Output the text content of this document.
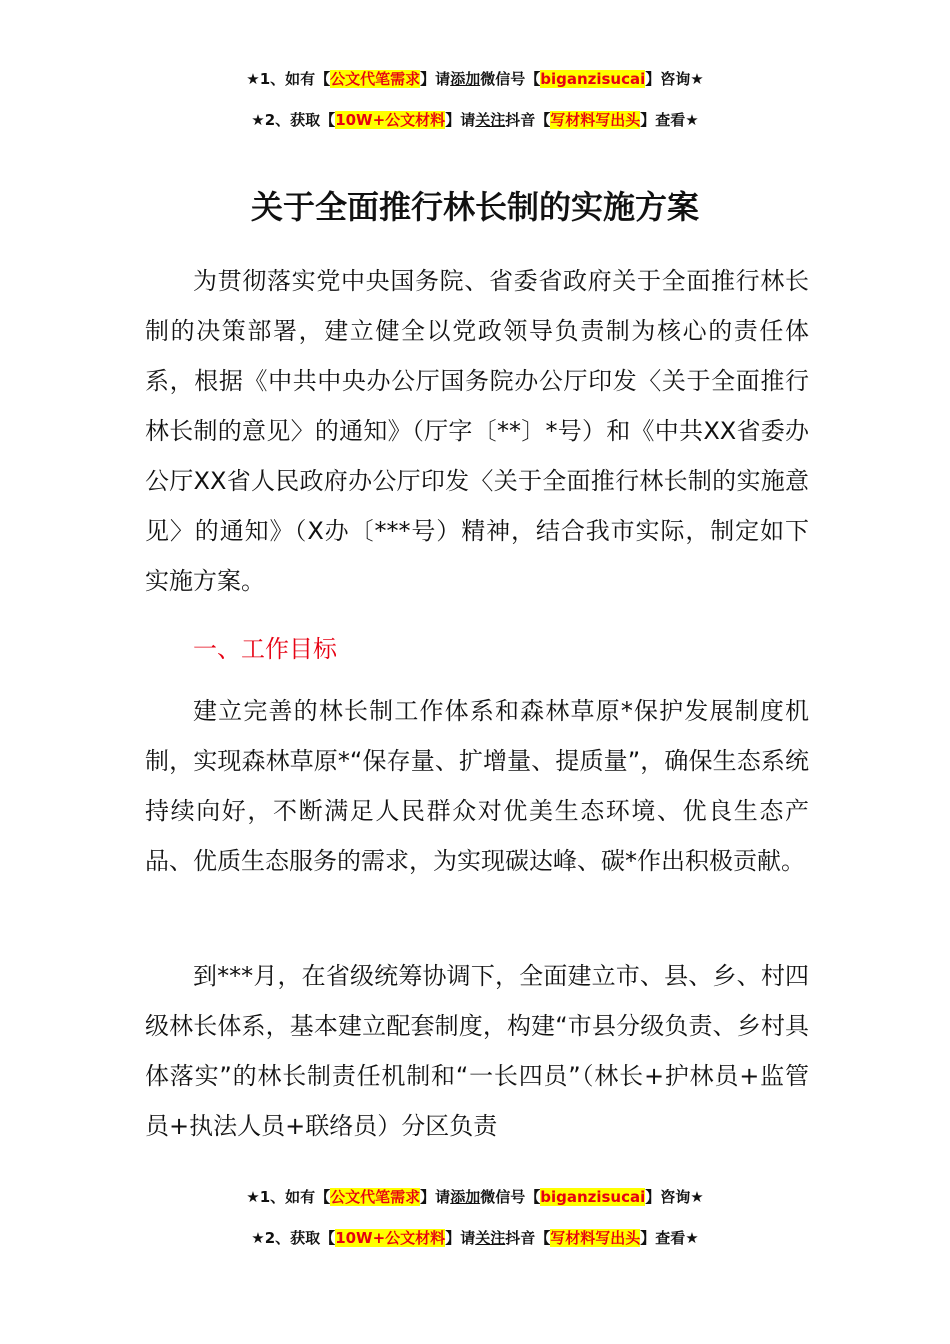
★1、如有【公文代笔需求】请添加微信号【biganzisucai】咨询★
★2、获取【10W+公文材料】请关注抖音【写材料写出头】查看★
关于全面推行林长制的实施方案
为贯彻落实党中央国务院、省委省政府关于全面推行林长制的决策部署，建立健全以党政领导负责制为核心的责任体系，根据《中共中央办公厅国务院办公厅印发〈关于全面推行林长制的意见〉的通知》（厅字〔**〕*号）和《中共XX省委办公厅XX省人民政府办公厅印发〈关于全面推行林长制的实施意见〉的通知》（X办〔***号）精神，结合我市实际，制定如下实施方案。
一、工作目标
建立完善的林长制工作体系和森林草原*保护发展制度机制，实现森林草原*“保存量、扩增量、提质量”，确保生态系统持续向好，不断满足人民群众对优美生态环境、优良生态产品、优质生态服务的需求，为实现碳达峰、碳*作出积极贡献。
到***月，在省级统筹协调下，全面建立市、县、乡、村四级林长体系，基本建立配套制度，构建“市县分级负责、乡村具体落实”的林长制责任机制和“一长四员”（林长+护林员+监管员+执法人员+联络员）分区负责
★1、如有【公文代笔需求】请添加微信号【biganzisucai】咨询★
★2、获取【10W+公文材料】请关注抖音【写材料写出头】查看★
